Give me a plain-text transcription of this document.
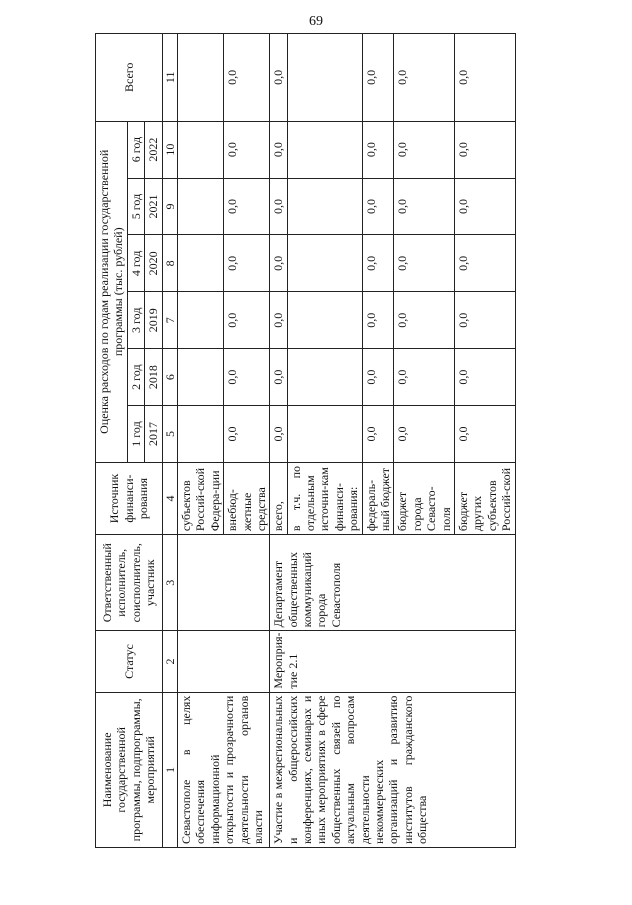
69
Наименование государственной программы, подпрограммы, мероприятий	Статус	Ответственный исполнитель, соисполнитель, участник	Источник финанси-рования	Оценка расходов по годам реализации государственной программы (тыс. рублей)						Всего
				1 год	2 год	3 год	4 год	5 год	6 год	
				2017	2018	2019	2020	2021	2022	
1	2	3	4	5	6	7	8	9	10	11
Севастополе в целях обеспечения информационной открытости и прозрачности деятельности органов власти			субъектов Россий-ской Федера-ции							
			внебюд-жетные средства	0,0	0,0	0,0	0,0	0,0	0,0	0,0
Участие в межрегиональных и общероссийских конференциях, семинарах и иных мероприятиях в сфере общественных связей по актуальным вопросам деятельности некоммерческих организаций и развитию институтов гражданского общества	Мероприя-тие 2.1	Департамент общественных коммуникаций города Севастополя	всего,	0,0	0,0	0,0	0,0	0,0	0,0	0,0
			в т.ч. по отдельным источни-кам финанси-рования:							
			федераль-ный бюджет	0,0	0,0	0,0	0,0	0,0	0,0	0,0
			бюджет города Севасто-поля	0,0	0,0	0,0	0,0	0,0	0,0	0,0
			бюджет других субъектов Россий-ской	0,0	0,0	0,0	0,0	0,0	0,0	0,0
